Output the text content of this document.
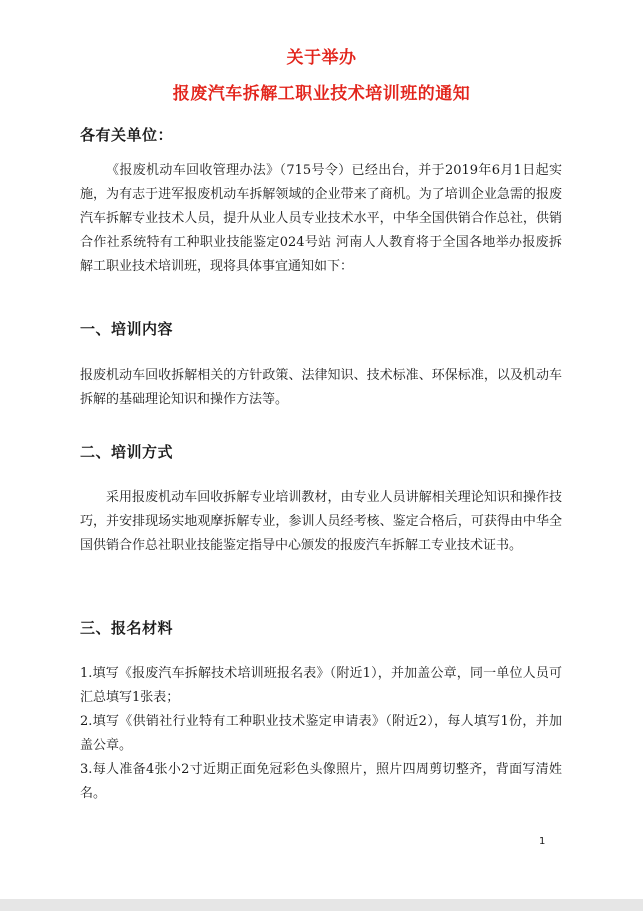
关于举办
报废汽车拆解工职业技术培训班的通知
各有关单位：
《报废机动车回收管理办法》（715号令）已经出台，并于2019年6月1日起实施，为有志于进军报废机动车拆解领域的企业带来了商机。为了培训企业急需的报废汽车拆解专业技术人员，提升从业人员专业技术水平，中华全国供销合作总社，供销合作社系统特有工种职业技能鉴定024号站 河南人人教育将于全国各地举办报废拆解工职业技术培训班，现将具体事宜通知如下：
一、培训内容
报废机动车回收拆解相关的方针政策、法律知识、技术标准、环保标准，以及机动车拆解的基础理论知识和操作方法等。
二、培训方式
采用报废机动车回收拆解专业培训教材，由专业人员讲解相关理论知识和操作技巧，并安排现场实地观摩拆解专业，参训人员经考核、鉴定合格后，可获得由中华全国供销合作总社职业技能鉴定指导中心颁发的报废汽车拆解工专业技术证书。
三、报名材料
1.填写《报废汽车拆解技术培训班报名表》（附近1），并加盖公章，同一单位人员可汇总填写1张表；
2.填写《供销社行业特有工种职业技术鉴定申请表》（附近2），每人填写1份，并加盖公章。
3.每人准备4张小2寸近期正面免冠彩色头像照片，照片四周剪切整齐，背面写清姓名。
1
